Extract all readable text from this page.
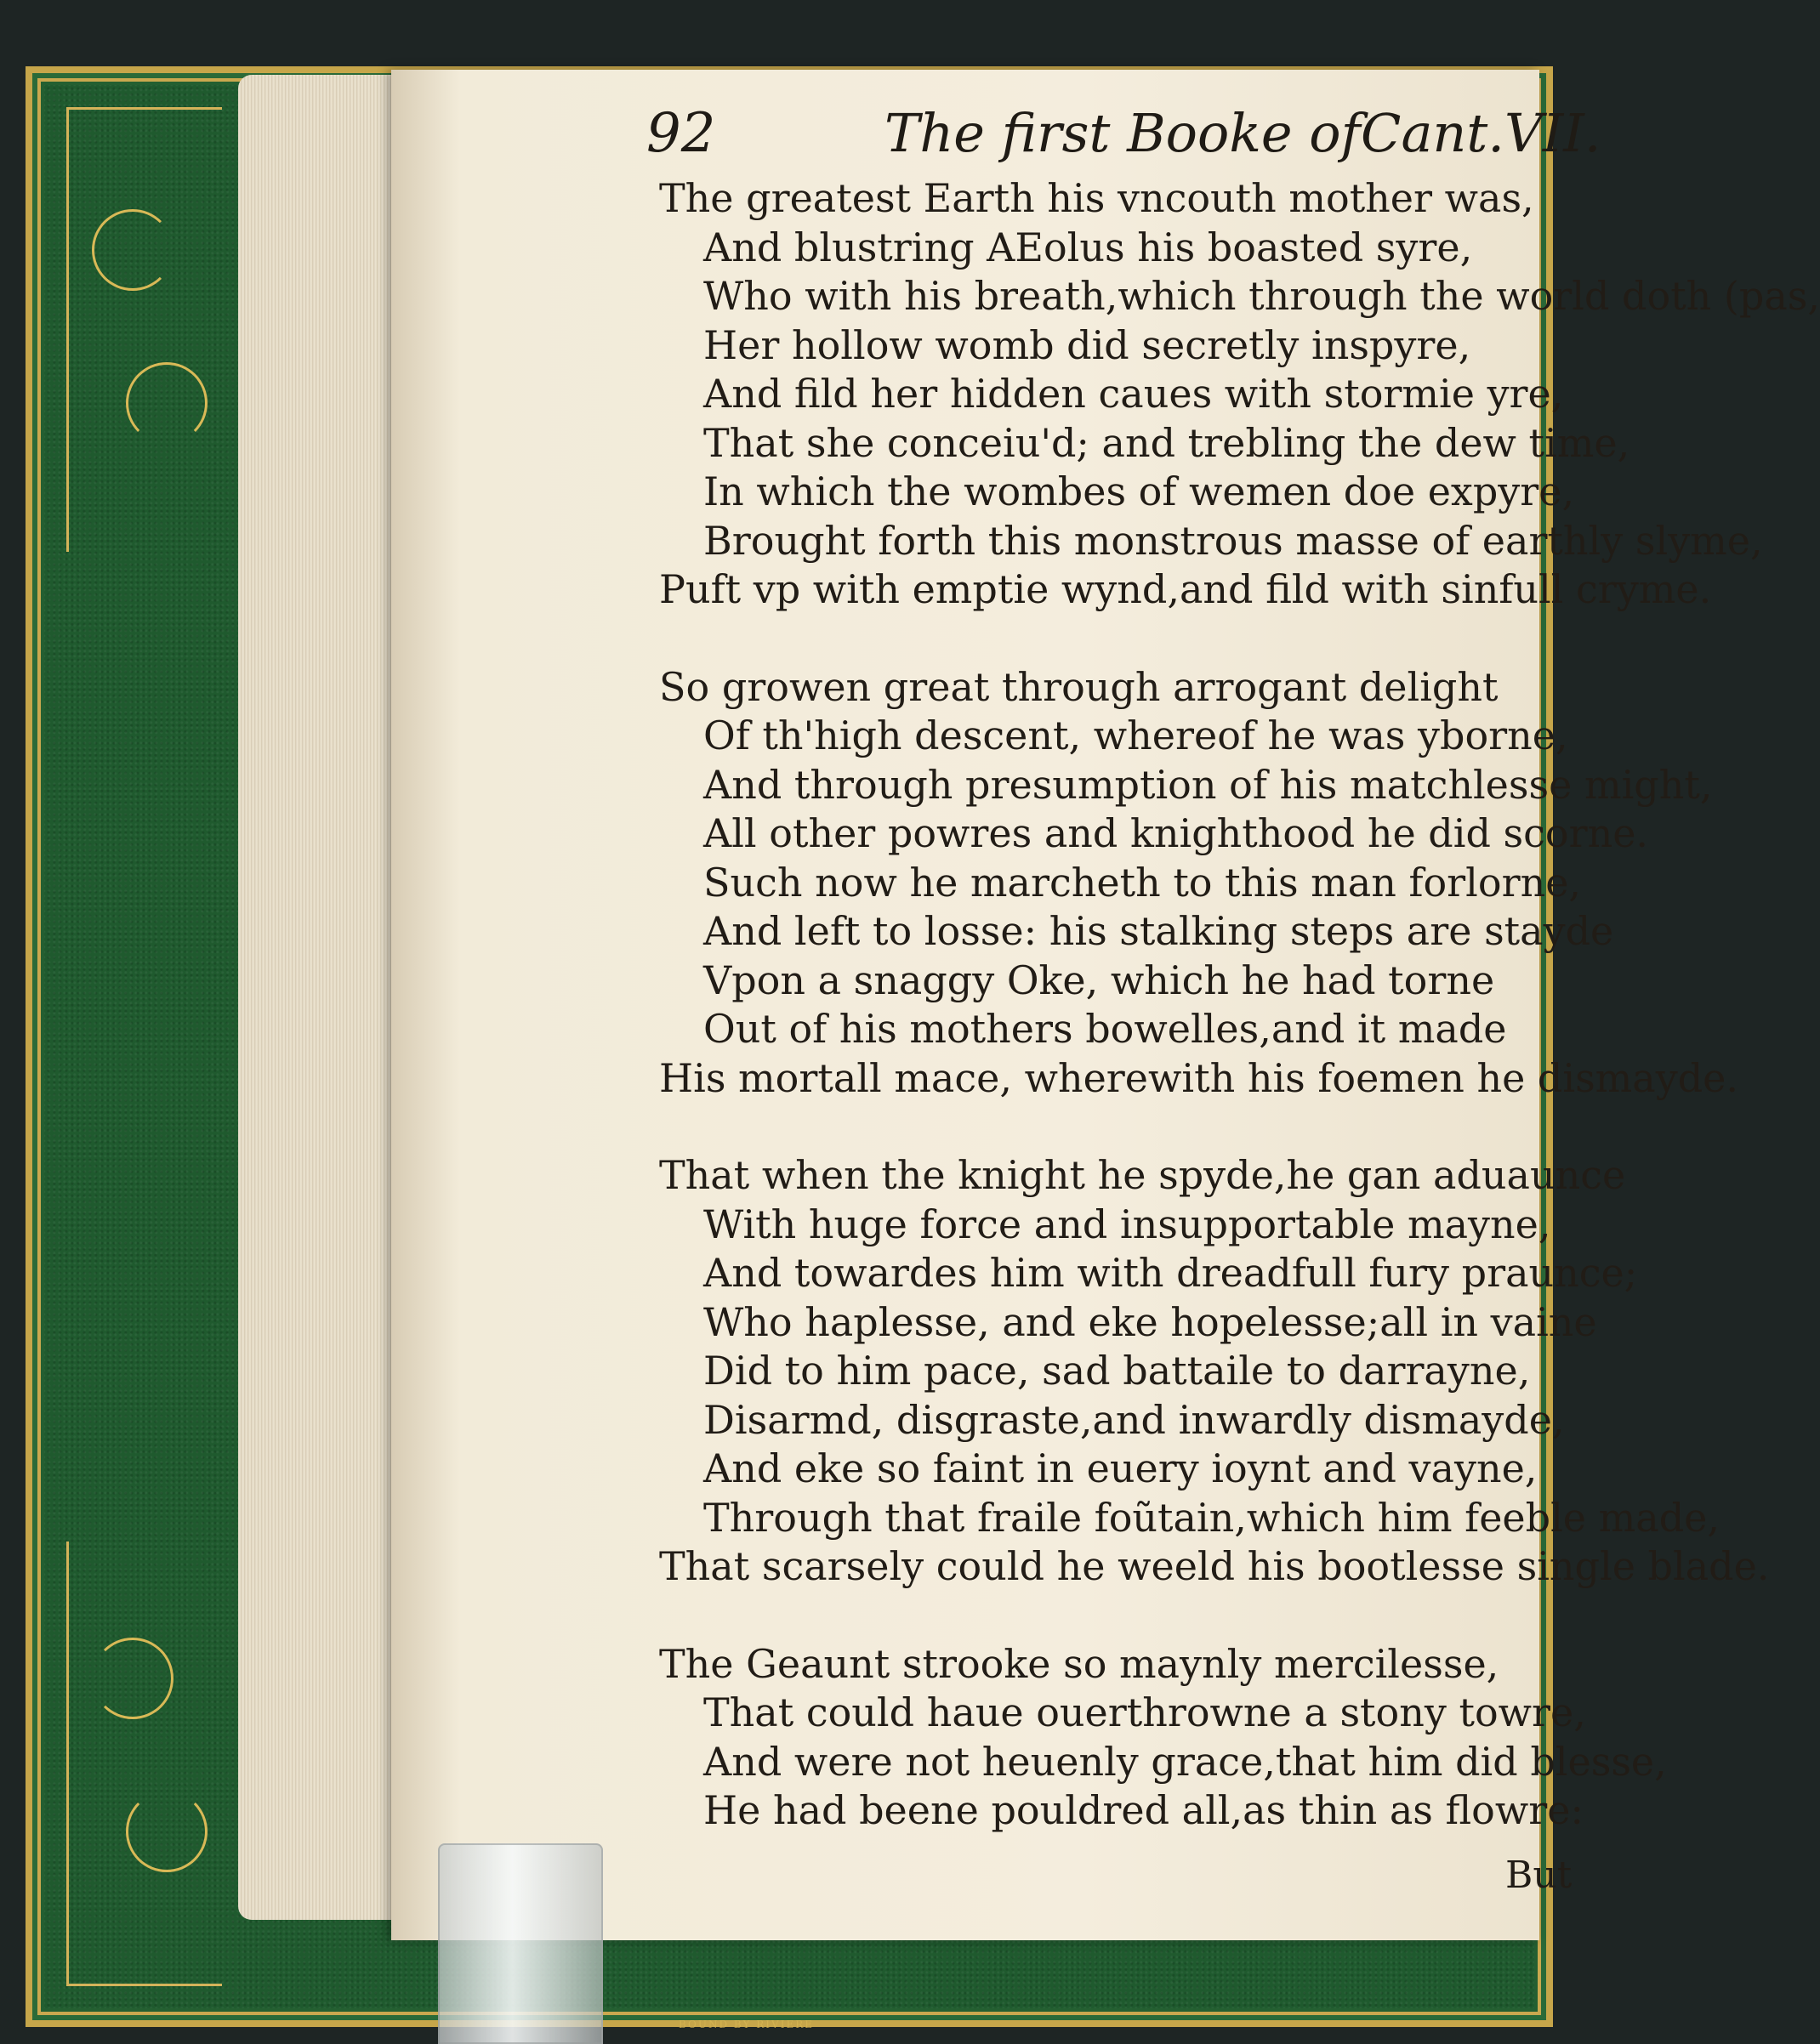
BOUND BY RIVIERE
92	The first Booke of Cant.VII.
The greatest Earth his vncouth mother was,
And blustring AEolus his boasted syre,
Who with his breath,which through the world doth (pas,
Her hollow womb did secretly inspyre,
And fild her hidden caues with stormie yre,
That she conceiu'd; and trebling the dew time,
In which the wombes of wemen doe expyre,
Brought forth this monstrous masse of earthly slyme,
Puft vp with emptie wynd,and fild with sinfull cryme.
So growen great through arrogant delight
Of th'high descent, whereof he was yborne,
And through presumption of his matchlesse might,
All other powres and knighthood he did scorne.
Such now he marcheth to this man forlorne,
And left to losse: his stalking steps are stayde
Vpon a snaggy Oke, which he had torne
Out of his mothers bowelles,and it made
His mortall mace, wherewith his foemen he dismayde.
That when the knight he spyde,he gan aduaunce
With huge force and insupportable mayne,
And towardes him with dreadfull fury praunce;
Who haplesse, and eke hopelesse;all in vaine
Did to him pace, sad battaile to darrayne,
Disarmd, disgraste,and inwardly dismayde,
And eke so faint in euery ioynt and vayne,
Through that fraile foũtain,which him feeble made,
That scarsely could he weeld his bootlesse single blade.
The Geaunt strooke so maynly mercilesse,
That could haue ouerthrowne a stony towre,
And were not heuenly grace,that him did blesse,
He had beene pouldred all,as thin as flowre:
But
